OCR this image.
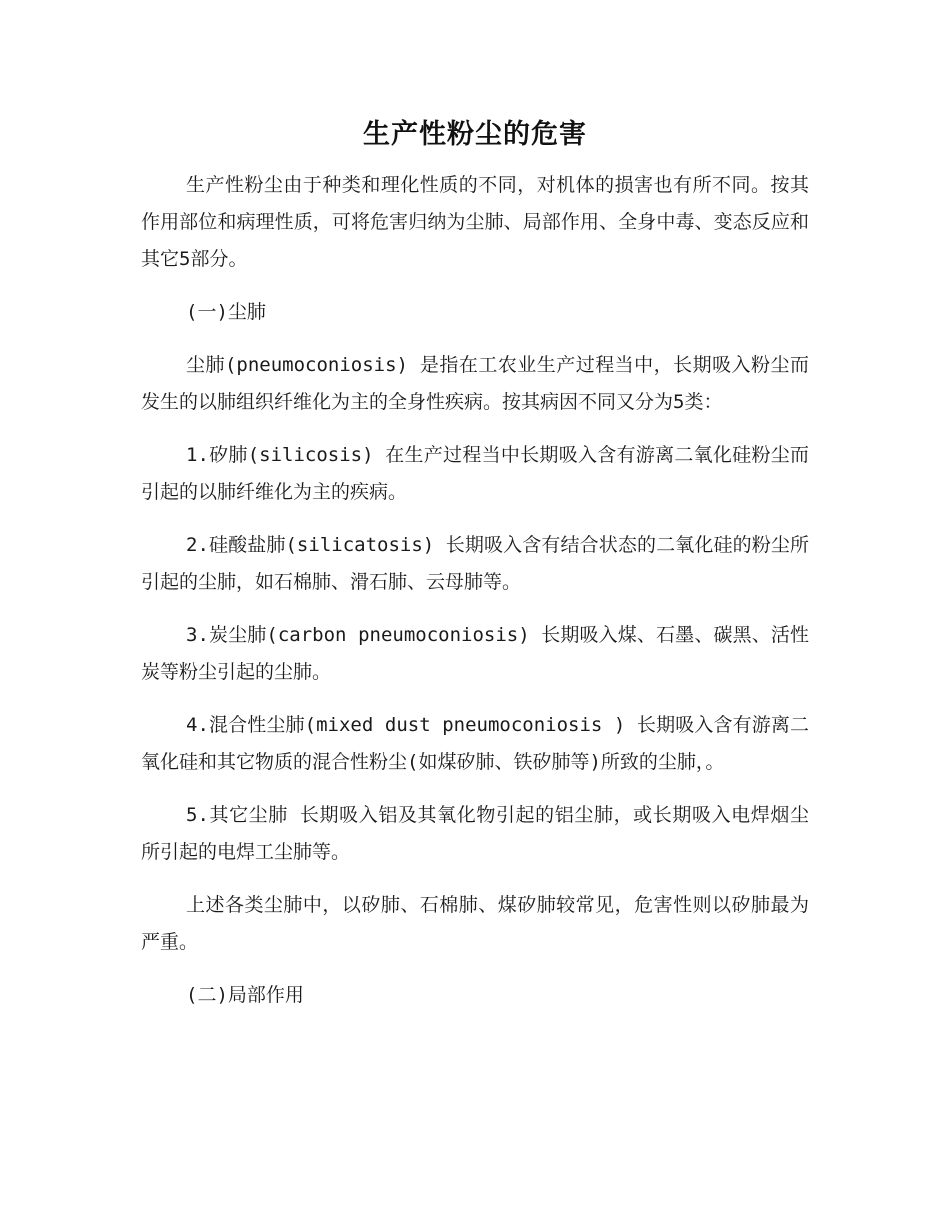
生产性粉尘的危害

生产性粉尘由于种类和理化性质的不同，对机体的损害也有所不同。按其作用部位和病理性质，可将危害归纳为尘肺、局部作用、全身中毒、变态反应和其它5部分。

(一)尘肺

尘肺(pneumoconiosis) 是指在工农业生产过程当中，长期吸入粉尘而发生的以肺组织纤维化为主的全身性疾病。按其病因不同又分为5类：

1.矽肺(silicosis) 在生产过程当中长期吸入含有游离二氧化硅粉尘而引起的以肺纤维化为主的疾病。

2.硅酸盐肺(silicatosis) 长期吸入含有结合状态的二氧化硅的粉尘所引起的尘肺，如石棉肺、滑石肺、云母肺等。

3.炭尘肺(carbon pneumoconiosis) 长期吸入煤、石墨、碳黑、活性炭等粉尘引起的尘肺。

4.混合性尘肺(mixed dust pneumoconiosis ) 长期吸入含有游离二氧化硅和其它物质的混合性粉尘(如煤矽肺、铁矽肺等)所致的尘肺，。

5.其它尘肺 长期吸入铝及其氧化物引起的铝尘肺，或长期吸入电焊烟尘所引起的电焊工尘肺等。

上述各类尘肺中，以矽肺、石棉肺、煤矽肺较常见，危害性则以矽肺最为严重。

(二)局部作用
